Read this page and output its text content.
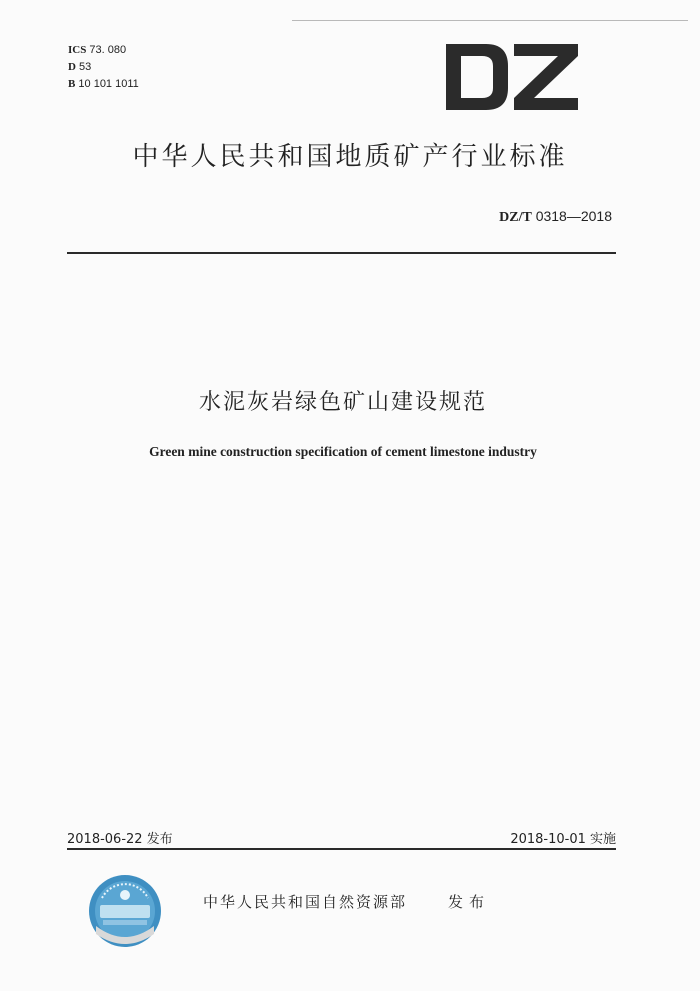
ICS 73. 080
D 53
B 10 101 1011
中华人民共和国地质矿产行业标准
DZ/T 0318—2018
水泥灰岩绿色矿山建设规范
Green mine construction specification of cement limestone industry
2018-06-22 发布	2018-10-01 实施
中华人民共和国自然资源部	发布
